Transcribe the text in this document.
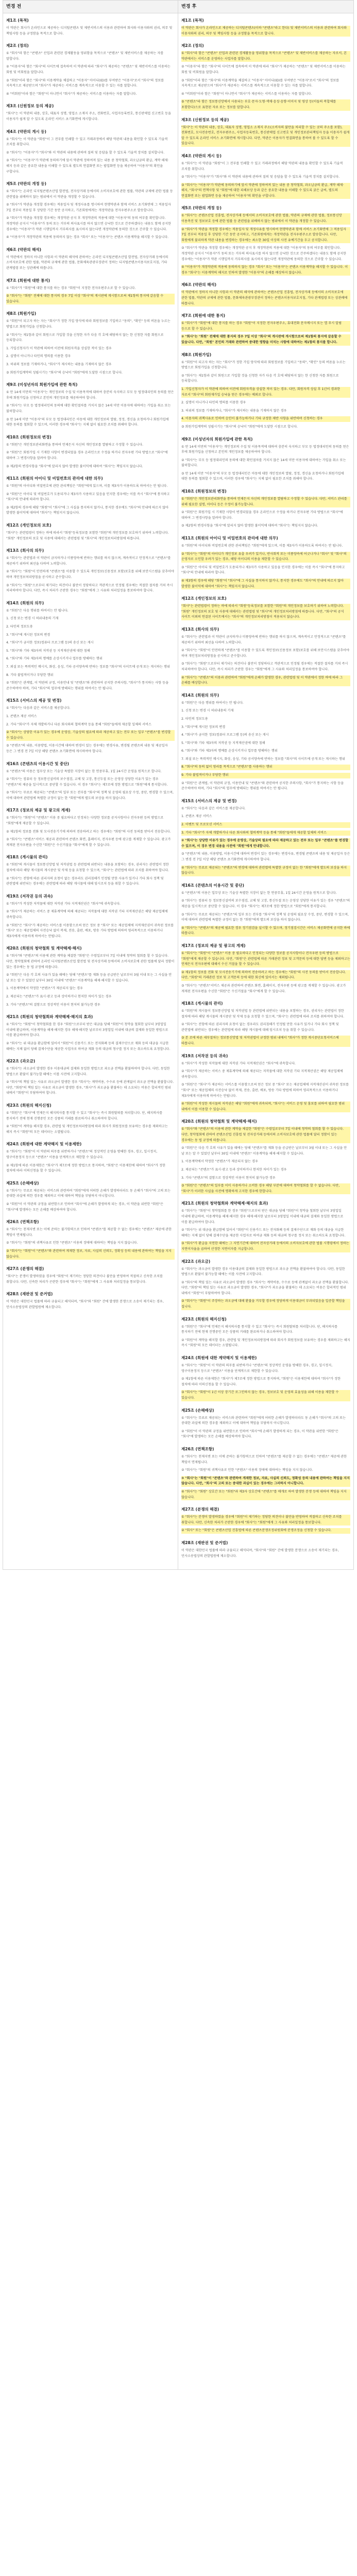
변경 전
제1조 (목적)

이 약관은 회사가 온라인으로 제공하는 디지털콘텐츠 및 제반서비스의 이용과 관련하여 회사와 이용자와의 권리, 의무 및 책임사항 등을 규정함을 목적으로 합니다.

제2조 (정의)

① "회사"라 함은 "콘텐츠" 산업과 관련된 경제활동을 영위함을 목적으로 "콘텐츠" 및 제반서비스를 제공하는 자를 말합니다.

② "이용자"라 함은 "회사"의 사이트에 접속하여 이 약관에 따라 "회사"가 제공하는 "콘텐츠" 및 제반서비스를 이용하는 회원 및 비회원을 말합니다.

③ "회원"이라 함은 "회사"와 이용계약을 체결하고 "이용자" 아이디(ID)를 부여받은 "이용자"로서 "회사"의 정보를 지속적으로 제공받으며 "회사"가 제공하는 서비스를 계속적으로 이용할 수 있는 자를 말합니다.

④ "비회원"이라 함은 "회원"이 아니면서 "회사"가 제공하는 서비스를 이용하는 자를 말합니다.

제3조 (신원정보 등의 제공)

"회사"는 이 약관의 내용, 상호, 대표자 성명, 영업소 소재지 주소, 전화번호, 사업자등록번호, 통신판매업 신고번호 등을 이용자가 쉽게 알 수 있도록 온라인 서비스 초기화면에 게시합니다.

제4조 (약관의 게시 등)

① "회사"는 이 약관을 "회원"이 그 전부를 인쇄할 수 있고 거래과정에서 해당 약관의 내용을 확인할 수 있도록 기술적 조치를 취합니다.

② "회사"는 "이용자"가 "회사"와 이 약관의 내용에 관하여 질의 및 응답을 할 수 있도록 기술적 장치를 설치합니다.

③ "회사"는 "이용자"가 약관에 동의하기에 앞서 약관에 정하여져 있는 내용 중 청약철회, 과오납금의 환급, 계약 해제·해지 등과 같은 중요한 내용을 이해할 수 있도록 별도의 연결화면 또는 팝업화면 등을 제공하여 "이용자"의 확인을 구합니다.

제5조 (약관의 개정 등)

① "회사"는 온라인 디지털콘텐츠산업 발전법, 전자상거래 등에서의 소비자보호에 관한 법률, 약관의 규제에 관한 법률 등 관련법을 위배하지 않는 범위에서 이 약관을 개정할 수 있습니다.

② "회사"가 약관을 개정할 경우에는 적용일자 및 개정사유를 명시하여 현행약관과 함께 서비스 초기화면에 그 적용일자 7일 전부터 적용일 후 상당한 기간 동안 공지하고, 기존회원에게는 개정약관을 전자우편주소로 발송합니다.

③ "회사"가 약관을 개정할 경우에는 개정약관 공지 후 개정약관의 적용에 대한 "이용자"의 동의 여부를 확인합니다. 개정약관 공지시 "이용자"가 동의 또는 거부의 의사표시를 하지 않으면 승낙한 것으로 간주하겠다는 내용도 함께 공지한 경우에는 "이용자"가 약관 시행일까지 거부의사를 표시하지 않는다면 개정약관에 동의한 것으로 간주할 수 있습니다.

④ "이용자"가 개정약관의 적용에 동의하지 않는 경우 "회사" 또는 "이용자"는 콘텐츠 이용계약을 해지할 수 있습니다.

제6조 (약관의 해석)

이 약관에서 정하지 아니한 사항과 이 약관의 해석에 관하여는 온라인 디지털콘텐츠산업 발전법, 전자상거래 등에서의 소비자보호에 관한 법률, 약관의 규제에 관한 법률, 문화체육관광부장관이 정하는 디지털콘텐츠이용자보호지침, 기타 관계법령 또는 상관례에 따릅니다.

제7조 (회원에 대한 통지)

① "회사"가 "회원"에 대한 통지를 하는 경우 "회원"이 지정한 전자우편주소로 할 수 있습니다.

② "회사"는 "회원" 전체에 대한 통지의 경우 7일 이상 "회사"의 게시판에 게시함으로써 제1항의 통지에 갈음할 수 있습니다.

제8조 (회원가입)

① "회원"이 되고자 하는 자는 "회사"가 정한 가입 양식에 따라 회원정보를 기입하고 "동의", "확인" 등의 버튼을 누르는 방법으로 회원가입을 신청합니다.

② "회사"는 제1항과 같이 회원으로 가입할 것을 신청한 자가 다음 각 호에 해당하지 않는 한 신청한 자를 회원으로 등록합니다.

1. 가입신청자가 이 약관에 의하여 이전에 회원자격을 상실한 적이 있는 경우

2. 실명이 아니거나 타인의 명의를 이용한 경우

3. 허위의 정보를 기재하거나, "회사"가 제시하는 내용을 기재하지 않은 경우

③ 회원가입계약의 성립시기는 "회사"의 승낙이 "회원"에게 도달한 시점으로 합니다.

제9조 (미성년자의 회원가입에 관한 특칙)

① 만 14세 미만의 "이용자"는 개인정보의 수집 및 이용목적에 대하여 충분히 숙지하고 부모 등 법정대리인의 동의를 얻은 후에 회원가입을 신청하고 본인의 개인정보를 제공하여야 합니다.

② "회사"는 부모 등 법정대리인의 동의에 대한 확인절차를 거치지 않은 14세 미만 이용자에 대하여는 가입을 취소 또는 불허합니다.

③ 만 14세 미만 "이용자"의 부모 등 법정대리인은 아동에 대한 개인정보의 열람, 정정, 갱신을 요청하거나 회원가입에 대한 동의를 철회할 수 있으며, 이러한 경우에 "회사"는 지체 없이 필요한 조치를 취해야 합니다.

제10조 (회원정보의 변경)

① "회원"은 개인정보관리화면을 통하여 언제든지 자신의 개인정보를 열람하고 수정할 수 있습니다.

② "회원"은 회원가입 시 기재한 사항이 변경되었을 경우 온라인으로 수정을 하거나 전자우편 기타 방법으로 "회사"에 대하여 그 변경사항을 알려야 합니다.

③ 제2항의 변경사항을 "회사"에 알리지 않아 발생한 불이익에 대하여 "회사"는 책임지지 않습니다.

제11조 (회원의 아이디 및 비밀번호의 관리에 대한 의무)

① "회원"의 아이디와 비밀번호에 관한 관리책임은 "회원"에게 있으며, 이를 제3자가 이용하도록 하여서는 안 됩니다.

② "회원"은 아이디 및 비밀번호가 도용되거나 제3자가 사용하고 있음을 인지한 경우에는 이를 즉시 "회사"에 통지하고 "회사"의 안내에 따라야 합니다.

③ 제2항의 경우에 해당 "회원"이 "회사"에 그 사실을 통지하지 않거나, 통지한 경우에도 "회사"의 안내에 따르지 않아 발생한 불이익에 대하여 "회사"는 책임지지 않습니다.

제12조 (개인정보의 보호)

"회사"는 관련법령이 정하는 바에 따라서 "회원"등록정보를 포함한 "회원"의 개인정보를 보호하기 위하여 노력합니다. "회원" 개인정보의 보호 및 사용에 대해서는 관련법령 및 "회사"의 개인정보처리방침에 따릅니다.

제13조 (회사의 의무)

① "회사"는 관련법과 이 약관이 금지하거나 미풍양속에 반하는 행위를 하지 않으며, 계속적이고 안정적으로 "콘텐츠"를 제공하기 위하여 최선을 다하여 노력합니다.

② "회사"는 "회원"이 안전하게 "콘텐츠"를 이용할 수 있도록 개인정보(신용정보 포함)보호를 위해 보안시스템을 갖추어야 하며 개인정보처리방침을 공시하고 준수합니다.

③ "회사"는 "회원"으로부터 제기되는 의견이나 불만이 정당하다고 객관적으로 인정될 경우에는 적절한 절차를 거쳐 즉시 처리하여야 합니다. 다만, 즉시 처리가 곤란한 경우는 "회원"에게 그 사유와 처리일정을 통보하여야 합니다.

제14조 (회원의 의무)

① "회원"은 다음 행위를 하여서는 안 됩니다.

1. 신청 또는 변경 시 허위내용의 기재

2. 타인의 정보도용

3. "회사"에 게시된 정보의 변경

4. "회사"가 금지한 정보(컴퓨터 프로그램 등)의 송신 또는 게시

5. "회사"와 기타 제3자의 저작권 등 지적재산권에 대한 침해

6. "회사"와 기타 제3자의 명예를 손상시키거나 업무를 방해하는 행위

7. 외설 또는 폭력적인 메시지, 화상, 음성, 기타 공서양속에 반하는 정보를 "회사"의 사이트에 공개 또는 게시하는 행위

8. 기타 불법적이거나 부당한 행위

② "회원"은 관계법, 이 약관의 규정, 이용안내 및 "콘텐츠"와 관련하여 공지한 주의사항, "회사"가 통지하는 사항 등을 준수하여야 하며, 기타 "회사"의 업무에 방해되는 행위를 하여서는 안 됩니다.

제15조 (서비스의 제공 및 변경)

① "회사"는 다음과 같은 서비스를 제공합니다.

1. 콘텐츠 제공 서비스

2. 기타 "회사"가 자체 개발하거나 다른 회사와의 협력계약 등을 통해 "회원"들에게 제공할 일체의 서비스

② "회사"는 상당한 이유가 있는 경우에 운영상, 기술상의 필요에 따라 제공하고 있는 전부 또는 일부 "콘텐츠"를 변경할 수 있습니다.

③ "콘텐츠"의 내용, 이용방법, 이용시간에 대하여 변경이 있는 경우에는 변경사유, 변경될 콘텐츠의 내용 및 제공일자 등은 그 변경 전 7일 이상 해당 콘텐츠 초기화면에 게시하여야 합니다.

제16조 (콘텐츠의 이용시간 및 중단)

① "콘텐츠"의 이용은 업무상 또는 기술상 특별한 지장이 없는 한 연중무휴, 1일 24시간 운영을 원칙으로 합니다.

② "회사"는 컴퓨터 등 정보통신설비의 보수점검, 교체 및 고장, 통신두절 또는 운영상 상당한 이유가 있는 경우 "콘텐츠"의 제공을 일시적으로 중단할 수 있습니다. 이 경우 "회사"는 제7조에 정한 방법으로 "회원"에게 통지합니다.

③ "회사"는 무료로 제공되는 "콘텐츠"의 일부 또는 전부를 "회사"의 정책 및 운영의 필요상 수정, 중단, 변경할 수 있으며, 이에 대하여 관련법에 특별한 규정이 없는 한 "회원"에게 별도의 보상을 하지 않습니다.

제17조 (정보의 제공 및 광고의 게재)

① "회사"는 "회원"이 "콘텐츠" 이용 중 필요하다고 인정되는 다양한 정보를 공지사항이나 전자우편 등의 방법으로 "회원"에게 제공할 수 있습니다.

② 제1항의 정보를 전화 및 모사전송기기에 의하여 전송하려고 하는 경우에는 "회원"의 사전 동의를 받아서 전송합니다.

③ "회사"는 "콘텐츠"서비스 제공과 관련하여 콘텐츠 화면, 홈페이지, 전자우편 등에 광고를 게재할 수 있습니다. 광고가 게재된 전자우편을 수신한 "회원"은 수신거절을 "회사"에게 할 수 있습니다.

제18조 (게시물의 관리)

① "회원"의 게시물이 정보통신망법 및 저작권법 등 관련법에 위반되는 내용을 포함하는 경우, 권리자는 관련법이 정한 절차에 따라 해당 게시물의 게시중단 및 삭제 등을 요청할 수 있으며, "회사"는 관련법에 따라 조치를 취하여야 합니다.

② "회사"는 전항에 따른 권리자의 요청이 없는 경우라도 권리침해가 인정될 만한 사유가 있거나 기타 회사 정책 및 관련법에 위반되는 경우에는 관련법에 따라 해당 게시물에 대해 임시조치 등을 취할 수 있습니다.

제19조 (저작권 등의 귀속)

① "회사"가 작성한 저작물에 대한 저작권 기타 지적재산권은 "회사"에 귀속합니다.

② "회사"가 제공하는 서비스 중 제휴계약에 의해 제공되는 저작물에 대한 저작권 기타 지적재산권은 해당 제공업체에 귀속합니다.

③ "회원"은 "회사"가 제공하는 서비스를 이용함으로써 얻은 정보 중 "회사" 또는 제공업체에 지적재산권이 귀속된 정보를 "회사" 또는 제공업체의 사전승낙 없이 복제, 전송, 출판, 배포, 방송 기타 방법에 의하여 영리목적으로 이용하거나 제3자에게 이용하게 하여서는 안됩니다.

제20조 (회원의 청약철회 및 계약해제·해지)

① "회사"와 "콘텐츠"의 이용에 관한 계약을 체결한 "회원"은 수령일로부터 7일 이내에 청약의 철회를 할 수 있습니다. 다만, 청약철회에 관하여 온라인 디지털콘텐츠산업 발전법 및 전자상거래 등에서의 소비자보호에 관한 법률에 달리 정함이 있는 경우에는 동 법 규정에 따릅니다.

② "회원"은 다음 각 호의 사유가 있을 때에는 당해 "콘텐츠"를 재화 등을 공급받은 날로부터 3월 이내 또는 그 사실을 안 날 또는 알 수 있었던 날부터 30일 이내에 "콘텐츠" 이용계약을 해제·해지할 수 있습니다.

1. 이용계약에서 약정한 "콘텐츠"가 제공되지 않는 경우

2. 제공되는 "콘텐츠"가 표시·광고 등과 상이하거나 현저한 차이가 있는 경우

3. 기타 "콘텐츠"의 결함으로 정상적인 이용이 현저히 불가능한 경우

제21조 (회원의 청약철회와 계약해제·해지의 효과)

① "회사"는 "회원"이 청약철회를 한 경우 "회원"으로부터 받은 대금을 당해 "회원"이 청약을 철회한 날부터 3영업일 이내에 환급하며, 이용계약을 해제·해지한 경우 해제·해지한 날로부터 3영업일 이내에 대금의 결제와 동일한 방법으로 이를 환급하여야 합니다.

② "회사"는 위 대금을 환급함에 있어서 "회원"이 신용카드 또는 전자화폐 등의 결제수단으로 재화 등의 대금을 지급한 때에는 지체 없이 당해 결제수단을 제공한 사업자로 하여금 재화 등의 대금의 청구를 정지 또는 취소하도록 요청합니다.

제22조 (과오금)

① "회사"는 과오금이 발생한 경우 이용대금의 결제와 동일한 방법으로 과오금 전액을 환불하여야 합니다. 다만, 동일한 방법으로 환불이 불가능할 때에는 이를 사전에 고지합니다.

② "회사"의 책임 있는 사유로 과오금이 발생한 경우 "회사"는 계약비용, 수수료 등에 관계없이 과오금 전액을 환불합니다. 다만, "회원"의 책임 있는 사유로 과오금이 발생한 경우, "회사"가 과오금을 환불하는 데 소요되는 비용은 합리적인 범위 내에서 "회원"이 부담하여야 합니다.

제23조 (회원의 해지신청)

① "회원"은 "회사"에 언제든지 해지의사를 통지할 수 있고 "회사"는 즉시 회원탈퇴를 처리합니다. 단, 해지의사를 통지하기 전에 현재 진행중인 모든 상품의 거래를 완료하거나 취소하여야 합니다.

② "회원"이 계약을 해지할 경우, 관련법 및 개인정보처리방침에 따라 회사가 회원정보를 보유하는 경우를 제외하고는 해지 즉시 "회원"의 모든 데이터는 소멸됩니다.

제24조 (회원에 대한 계약해지 및 이용제한)

① "회사"는 "회원"이 이 약관의 의무를 위반하거나 "콘텐츠"의 정상적인 운영을 방해한 경우, 경고, 일시정지, 영구이용정지 등으로 "콘텐츠" 이용을 단계적으로 제한할 수 있습니다.

② 제1항에 따른 이용제한은 "회사"가 제7조에 정한 방법으로 통지하며, "회원"은 이용제한에 대하여 "회사"가 정한 절차에 따라 이의신청을 할 수 있습니다.

제25조 (손해배상)

① "회사"는 무료로 제공되는 서비스와 관련하여 "회원"에게 어떠한 손해가 발생하더라도 동 손해가 "회사"의 고의 또는 중대한 과실에 의한 경우를 제외하고 이에 대하여 책임을 부담하지 아니합니다.

② "회원"이 이 약관의 규정을 위반함으로 인하여 "회사"에 손해가 발생하게 되는 경우, 이 약관을 위반한 "회원"은 "회사"에 발생하는 모든 손해를 배상하여야 합니다.

제26조 (면책조항)

① "회사"는 천재지변 또는 이에 준하는 불가항력으로 인하여 "콘텐츠"를 제공할 수 없는 경우에는 "콘텐츠" 제공에 관한 책임이 면제됩니다.

② "회사"는 "회원"의 귀책사유로 인한 "콘텐츠" 이용의 장애에 대하여는 책임을 지지 않습니다.

③ "회사"는 "회원"이 "콘텐츠"와 관련하여 게재한 정보, 자료, 사실의 신뢰도, 정확성 등의 내용에 관하여는 책임을 지지 않습니다.

제27조 (분쟁의 해결)

"회사"는 분쟁이 발생하였을 경우에 "회원"이 제기하는 정당한 의견이나 불만을 반영하여 적절하고 신속한 조치를 취합니다. 다만, 신속한 처리가 곤란한 경우에 "회사"는 "회원"에게 그 사유와 처리일정을 통보합니다.

제28조 (재판권 및 준거법)

이 약관은 대한민국 법률에 따라 규율되고 해석되며, "회사"와 "회원" 간에 발생한 분쟁으로 소송이 제기되는 경우, 민사소송법상의 관할법원에 제소합니다.

변경 후
제1조 (목적)

이 약관은 회사가 온라인으로 제공하는 디지털콘텐츠(이하 "콘텐츠"라고 한다) 및 제반서비스의 이용과 관련하여 회사와 이용자와의 권리, 의무 및 책임사항 등을 규정함을 목적으로 합니다.

제2조 (정의)

① "회사"라 함은 "콘텐츠" 산업과 관련된 경제활동을 영위함을 목적으로 "콘텐츠" 및 제반서비스를 제공하는 자로서, 본 약관에서는 서비스를 운영하는 사업자를 말합니다.

② "이용자"라 함은 "회사"의 사이트에 접속하여 이 약관에 따라 "회사"가 제공하는 "콘텐츠" 및 제반서비스를 이용하는 회원 및 비회원을 말합니다.

③ "회원"이라 함은 "회사"와 이용계약을 체결하고 "이용자" 아이디(ID)를 부여받은 "이용자"로서 "회사"의 정보를 지속적으로 제공받으며 "회사"가 제공하는 서비스를 계속적으로 이용할 수 있는 자를 말합니다.

④ "비회원"이라 함은 "회원"이 아니면서 "회사"가 제공하는 서비스를 이용하는 자를 말합니다.

⑤ "콘텐츠"라 함은 정보통신망에서 사용되는 부호·문자·도형·색채·음성·음향·이미지 및 영상 등(이들의 복합체를 포함한다)으로 표현된 자료 또는 정보를 말합니다.

제3조 (신원정보 등의 제공)

"회사"는 이 약관의 내용, 상호, 대표자 성명, 영업소 소재지 주소(소비자의 불만을 처리할 수 있는 곳의 주소를 포함), 전화번호, 모사전송번호, 전자우편주소, 사업자등록번호, 통신판매업 신고번호 및 개인정보관리책임자 등을 이용자가 쉽게 알 수 있도록 온라인 서비스 초기화면에 게시합니다. 다만, 약관은 이용자가 연결화면을 통하여 볼 수 있도록 할 수 있습니다.

제4조 (약관의 게시 등)

① "회사"는 이 약관을 "회원"이 그 전부를 인쇄할 수 있고 거래과정에서 해당 약관의 내용을 확인할 수 있도록 기술적 조치를 취합니다.

② "회사"는 "이용자"가 "회사"와 이 약관의 내용에 관하여 질의 및 응답을 할 수 있도록 기술적 장치를 설치합니다.

③ "회사"는 "이용자"가 약관에 동의하기에 앞서 약관에 정하여져 있는 내용 중 청약철회, 과오납금의 환급, 계약 해제·해지, "회사"의 면책사항 및 "회원"에 대한 피해보상 등과 같은 중요한 내용을 이해할 수 있도록 굵은 글씨, 별도의 연결화면 또는 팝업화면 등을 제공하여 "이용자"의 확인을 구합니다.

제5조 (약관의 개정 등)

① "회사"는 콘텐츠산업 진흥법, 전자상거래 등에서의 소비자보호에 관한 법률, 약관의 규제에 관한 법률, 정보통신망 이용촉진 및 정보보호 등에 관한 법률 등 관련법을 위배하지 않는 범위에서 이 약관을 개정할 수 있습니다.

② "회사"가 약관을 개정할 경우에는 적용일자 및 개정사유를 명시하여 현행약관과 함께 서비스 초기화면에 그 적용일자 7일 전부터 적용일 후 상당한 기간 동안 공지하고, 기존회원에게는 개정약관을 전자우편주소로 발송합니다. 다만, 회원에게 불리하게 약관 내용을 변경하는 경우에는 최소한 30일 이상의 사전 유예기간을 두고 공지합니다.

③ "회사"가 약관을 개정할 경우에는 개정약관 공지 후 개정약관의 적용에 대한 "이용자"의 동의 여부를 확인합니다. 개정약관 공지시 "이용자"가 동의 또는 거부의 의사표시를 하지 않으면 승낙한 것으로 간주하겠다는 내용도 함께 공지한 경우에는 "이용자"가 약관 시행일까지 거부의사를 표시하지 않는다면 개정약관에 동의한 것으로 간주할 수 있습니다.

④ "이용자"가 개정약관의 적용에 동의하지 않는 경우 "회사" 또는 "이용자"는 콘텐츠 이용계약을 해지할 수 있습니다. 이 경우 "회사"는 이용계약의 해지로 인하여 발생한 "이용자"의 손해를 배상하지 않습니다.

제6조 (약관의 해석)

이 약관에서 정하지 아니한 사항과 이 약관의 해석에 관하여는 콘텐츠산업 진흥법, 전자상거래 등에서의 소비자보호에 관한 법률, 약관의 규제에 관한 법률, 문화체육관광부장관이 정하는 콘텐츠이용자보호지침, 기타 관계법령 또는 상관례에 따릅니다.

제7조 (회원에 대한 통지)

① "회사"가 "회원"에 대한 통지를 하는 경우 "회원"이 지정한 전자우편주소, 휴대전화 문자메시지 또는 앱 푸시 알림 등으로 할 수 있습니다.

② "회사"는 "회원" 전체에 대한 통지의 경우 7일 이상 "회사"의 게시판에 게시함으로써 제1항의 통지에 갈음할 수 있습니다. 다만, "회원" 본인의 거래와 관련하여 중대한 영향을 미치는 사항에 대하여는 제1항의 통지를 합니다.

제8조 (회원가입)

① "회원"이 되고자 하는 자는 "회사"가 정한 가입 양식에 따라 회원정보를 기입하고 "동의", "확인" 등의 버튼을 누르는 방법으로 회원가입을 신청합니다.

② "회사"는 제1항과 같이 회원으로 가입할 것을 신청한 자가 다음 각 호에 해당하지 않는 한 신청한 자를 회원으로 등록합니다.

1. 가입신청자가 이 약관에 의하여 이전에 회원자격을 상실한 적이 있는 경우. 다만, 회원자격 상실 후 1년이 경과한 자로서 "회사"의 회원재가입 승낙을 얻은 경우에는 예외로 합니다.

2. 실명이 아니거나 타인의 명의를 이용한 경우

3. 허위의 정보를 기재하거나, "회사"가 제시하는 내용을 기재하지 않은 경우

4. 이용자의 귀책사유로 인하여 승인이 불가능하거나 기타 규정한 제반 사항을 위반하며 신청하는 경우

③ 회원가입계약의 성립시기는 "회사"의 승낙이 "회원"에게 도달한 시점으로 합니다.

제9조 (미성년자의 회원가입에 관한 특칙)

① 만 14세 미만의 "이용자"는 개인정보의 수집 및 이용목적에 대하여 충분히 숙지하고 부모 등 법정대리인의 동의를 얻은 후에 회원가입을 신청하고 본인의 개인정보를 제공하여야 합니다.

② "회사"는 부모 등 법정대리인의 동의에 대한 확인절차를 거치지 않은 14세 미만 이용자에 대하여는 가입을 취소 또는 불허합니다.

③ 만 14세 미만 "이용자"의 부모 등 법정대리인은 아동에 대한 개인정보의 열람, 정정, 갱신을 요청하거나 회원가입에 대한 동의를 철회할 수 있으며, 이러한 경우에 "회사"는 지체 없이 필요한 조치를 취해야 합니다.

제10조 (회원정보의 변경)

① "회원"은 개인정보관리화면을 통하여 언제든지 자신의 개인정보를 열람하고 수정할 수 있습니다. 다만, 서비스 관리를 위해 필요한 실명, 아이디 등은 수정이 불가능합니다.

② "회원"은 회원가입 시 기재한 사항이 변경되었을 경우 온라인으로 수정을 하거나 전자우편 기타 방법으로 "회사"에 대하여 그 변경사항을 알려야 합니다.

③ 제2항의 변경사항을 "회사"에 알리지 않아 발생한 불이익에 대하여 "회사"는 책임지지 않습니다.

제11조 (회원의 아이디 및 비밀번호의 관리에 대한 의무)

① "회원"의 아이디와 비밀번호에 관한 관리책임은 "회원"에게 있으며, 이를 제3자가 이용하도록 하여서는 안 됩니다.

② "회사"는 "회원"의 아이디가 개인정보 유출 우려가 있거나, 반사회적 또는 미풍양속에 어긋나거나 "회사" 및 "회사"의 운영자로 오인할 우려가 있는 경우, 해당 아이디의 이용을 제한할 수 있습니다.

③ "회원"은 아이디 및 비밀번호가 도용되거나 제3자가 사용하고 있음을 인지한 경우에는 이를 즉시 "회사"에 통지하고 "회사"의 안내에 따라야 합니다.

④ 제3항의 경우에 해당 "회원"이 "회사"에 그 사실을 통지하지 않거나, 통지한 경우에도 "회사"의 안내에 따르지 않아 발생한 불이익에 대하여 "회사"는 책임지지 않습니다.

제12조 (개인정보의 보호)

"회사"는 관련법령이 정하는 바에 따라서 "회원"등록정보를 포함한 "회원"의 개인정보를 보호하기 위하여 노력합니다. "회원" 개인정보의 보호 및 사용에 대해서는 관련법령 및 "회사"의 개인정보처리방침에 따릅니다. 다만, "회사"의 공식 사이트 이외의 연결된 사이트에서는 "회사"의 개인정보처리방침이 적용되지 않습니다.

제13조 (회사의 의무)

① "회사"는 관련법과 이 약관이 금지하거나 미풍양속에 반하는 행위를 하지 않으며, 계속적이고 안정적으로 "콘텐츠"를 제공하기 위하여 최선을 다하여 노력합니다.

② "회사"는 "회원"이 안전하게 "콘텐츠"를 이용할 수 있도록 개인정보(신용정보 포함)보호를 위해 보안시스템을 갖추어야 하며 개인정보처리방침을 공시하고 준수합니다.

③ "회사"는 "회원"으로부터 제기되는 의견이나 불만이 정당하다고 객관적으로 인정될 경우에는 적절한 절차를 거쳐 즉시 처리하여야 합니다. 다만, 즉시 처리가 곤란한 경우는 "회원"에게 그 사유와 처리일정을 통보하여야 합니다.

④ "회사"는 "콘텐츠"의 이용과 관련하여 "회원"에게 손해가 발생한 경우, 관련법령 및 이 약관에서 정한 바에 따라 그 손해를 배상합니다.

제14조 (회원의 의무)

① "회원"은 다음 행위를 하여서는 안 됩니다.

1. 신청 또는 변경 시 허위내용의 기재

2. 타인의 정보도용

3. "회사"에 게시된 정보의 변경

4. "회사"가 금지한 정보(컴퓨터 프로그램 등)의 송신 또는 게시

5. "회사"와 기타 제3자의 저작권 등 지적재산권에 대한 침해

6. "회사"와 기타 제3자의 명예를 손상시키거나 업무를 방해하는 행위

7. 외설 또는 폭력적인 메시지, 화상, 음성, 기타 공서양속에 반하는 정보를 "회사"의 사이트에 공개 또는 게시하는 행위

8. "회사"의 동의 없이 영리를 목적으로 "콘텐츠"를 사용하는 행위

9. 기타 불법적이거나 부당한 행위

② "회원"은 관계법, 이 약관의 규정, 이용안내 및 "콘텐츠"와 관련하여 공지한 주의사항, "회사"가 통지하는 사항 등을 준수하여야 하며, 기타 "회사"의 업무에 방해되는 행위를 하여서는 안 됩니다.

제15조 (서비스의 제공 및 변경)

① "회사"는 다음과 같은 서비스를 제공합니다.

1. 콘텐츠 제공 서비스

2. 이벤트 및 프로모션 서비스

3. 기타 "회사"가 자체 개발하거나 다른 회사와의 협력계약 등을 통해 "회원"들에게 제공할 일체의 서비스

② "회사"는 상당한 이유가 있는 경우에 운영상, 기술상의 필요에 따라 제공하고 있는 전부 또는 일부 "콘텐츠"를 변경할 수 있으며, 이 경우 변경 내용을 사전에 "회원"에게 안내합니다.

③ "콘텐츠"의 내용, 이용방법, 이용시간에 대하여 변경이 있는 경우에는 변경사유, 변경될 콘텐츠의 내용 및 제공일자 등은 그 변경 전 7일 이상 해당 콘텐츠 초기화면에 게시하여야 합니다.

④ "회사"는 무료로 제공되는 "콘텐츠"의 변경에 대하여 관련법에 특별한 규정이 없는 한 "회원"에게 별도의 보상을 하지 않습니다.

제16조 (콘텐츠의 이용시간 및 중단)

① "콘텐츠"의 이용은 업무상 또는 기술상 특별한 지장이 없는 한 연중무휴, 1일 24시간 운영을 원칙으로 합니다.

② "회사"는 컴퓨터 등 정보통신설비의 보수점검, 교체 및 고장, 통신두절 또는 운영상 상당한 이유가 있는 경우 "콘텐츠"의 제공을 일시적으로 중단할 수 있습니다. 이 경우 "회사"는 제7조에 정한 방법으로 "회원"에게 통지합니다.

③ "회사"는 무료로 제공되는 "콘텐츠"의 일부 또는 전부를 "회사"의 정책 및 운영의 필요상 수정, 중단, 변경할 수 있으며, 이에 대하여 관련법에 특별한 규정이 없는 한 "회원"에게 별도의 보상을 하지 않습니다.

④ "회사"는 "콘텐츠"의 제공에 필요한 경우 정기점검을 실시할 수 있으며, 정기점검시간은 서비스 제공화면에 공지한 바에 따릅니다.

제17조 (정보의 제공 및 광고의 게재)

① "회사"는 "회원"이 "콘텐츠" 이용 중 필요하다고 인정되는 다양한 정보를 공지사항이나 전자우편 등의 방법으로 "회원"에게 제공할 수 있습니다. 다만, "회원"은 관련법에 따른 거래관련 정보 및 고객문의 등에 대한 답변 등을 제외하고는 언제든지 전자우편에 대해서 수신 거절을 할 수 있습니다.

② 제1항의 정보를 전화 및 모사전송기기에 의하여 전송하려고 하는 경우에는 "회원"의 사전 동의를 받아서 전송합니다. 다만, "회원"의 거래관련 정보 및 고객문의 등에 대한 회신에 있어서는 제외됩니다.

③ "회사"는 "콘텐츠"서비스 제공과 관련하여 콘텐츠 화면, 홈페이지, 전자우편 등에 광고를 게재할 수 있습니다. 광고가 게재된 전자우편을 수신한 "회원"은 수신거절을 "회사"에게 할 수 있습니다.

제18조 (게시물의 관리)

① "회원"의 게시물이 정보통신망법 및 저작권법 등 관련법에 위반되는 내용을 포함하는 경우, 권리자는 관련법이 정한 절차에 따라 해당 게시물의 게시중단 및 삭제 등을 요청할 수 있으며, "회사"는 관련법에 따라 조치를 취하여야 합니다.

② "회사"는 전항에 따른 권리자의 요청이 없는 경우라도 권리침해가 인정될 만한 사유가 있거나 기타 회사 정책 및 관련법에 위반되는 경우에는 관련법에 따라 해당 게시물에 대해 임시조치 등을 취할 수 있습니다.

③ 본 조에 따른 세부절차는 정보통신망법 및 저작권법이 규정한 범위 내에서 "회사"가 정한 게시중단요청서비스에 따릅니다.

제19조 (저작권 등의 귀속)

① "회사"가 작성한 저작물에 대한 저작권 기타 지적재산권은 "회사"에 귀속합니다.

② "회사"가 제공하는 서비스 중 제휴계약에 의해 제공되는 저작물에 대한 저작권 기타 지적재산권은 해당 제공업체에 귀속합니다.

③ "회원"은 "회사"가 제공하는 서비스를 이용함으로써 얻은 정보 중 "회사" 또는 제공업체에 지적재산권이 귀속된 정보를 "회사" 또는 제공업체의 사전승낙 없이 복제, 전송, 출판, 배포, 방송 기타 방법에 의하여 영리목적으로 이용하거나 제3자에게 이용하게 하여서는 안됩니다.

④ "회원"이 작성한 게시물의 저작권은 해당 "회원"에게 귀속되며, "회사"는 서비스 운영 및 홍보를 위하여 필요한 범위 내에서 이를 이용할 수 있습니다.

제20조 (회원의 청약철회 및 계약해제·해지)

① "회사"와 "콘텐츠"의 이용에 관한 계약을 체결한 "회원"은 수령일로부터 7일 이내에 청약의 철회를 할 수 있습니다. 다만, 청약철회에 관하여 콘텐츠산업 진흥법 및 전자상거래 등에서의 소비자보호에 관한 법률에 달리 정함이 있는 경우에는 동 법 규정에 따릅니다.

② "회원"은 다음 각 호의 사유가 있을 때에는 당해 "콘텐츠"를 재화 등을 공급받은 날로부터 3월 이내 또는 그 사실을 안 날 또는 알 수 있었던 날부터 30일 이내에 "콘텐츠" 이용계약을 해제·해지할 수 있습니다.

1. 이용계약에서 약정한 "콘텐츠"가 제공되지 않는 경우

2. 제공되는 "콘텐츠"가 표시·광고 등과 상이하거나 현저한 차이가 있는 경우

3. 기타 "콘텐츠"의 결함으로 정상적인 이용이 현저히 불가능한 경우

③ "회원"은 "콘텐츠"의 일부를 이미 사용하거나 소비한 경우 해당 부분에 대하여 청약철회를 할 수 없습니다. 다만, "회사"가 이러한 사실을 사전에 명확하게 고지한 경우에 한합니다.

제21조 (회원의 청약철회와 계약해제·해지의 효과)

① "회사"는 "회원"이 청약철회를 한 경우 "회원"으로부터 받은 대금을 당해 "회원"이 청약을 철회한 날부터 3영업일 이내에 환급하며, 이용계약을 해제·해지한 경우 해제·해지한 날로부터 3영업일 이내에 대금의 결제와 동일한 방법으로 이를 환급하여야 합니다.

② "회사"는 위 대금을 환급함에 있어서 "회원"이 신용카드 또는 전자화폐 등의 결제수단으로 재화 등의 대금을 지급한 때에는 지체 없이 당해 결제수단을 제공한 사업자로 하여금 재화 등의 대금의 청구를 정지 또는 취소하도록 요청합니다.

③ "회사"가 환급을 지연한 때에는 그 지연기간에 대하여 전자상거래 등에서의 소비자보호에 관한 법률 시행령에서 정하는 지연이자율을 곱하여 산정한 지연이자를 지급합니다.

제22조 (과오금)

① "회사"는 과오금이 발생한 경우 이용대금의 결제와 동일한 방법으로 과오금 전액을 환불하여야 합니다. 다만, 동일한 방법으로 환불이 불가능할 때에는 이를 사전에 고지합니다.

② "회사"의 책임 있는 사유로 과오금이 발생한 경우 "회사"는 계약비용, 수수료 등에 관계없이 과오금 전액을 환불합니다. 다만, "회원"의 책임 있는 사유로 과오금이 발생한 경우, "회사"가 과오금을 환불하는 데 소요되는 비용은 합리적인 범위 내에서 "회원"이 부담하여야 합니다.

③ "회사"는 "회원"이 주장하는 과오금에 대해 환불을 거부할 경우에 정당하게 이용대금이 부과되었음을 입증할 책임을 집니다.

제23조 (회원의 해지신청)

① "회원"은 "회사"에 언제든지 해지의사를 통지할 수 있고 "회사"는 즉시 회원탈퇴를 처리합니다. 단, 해지의사를 통지하기 전에 현재 진행중인 모든 상품의 거래를 완료하거나 취소하여야 합니다.

② "회원"이 계약을 해지할 경우, 관련법 및 개인정보처리방침에 따라 회사가 회원정보를 보유하는 경우를 제외하고는 해지 즉시 "회원"의 모든 데이터는 소멸됩니다.

제24조 (회원에 대한 계약해지 및 이용제한)

① "회사"는 "회원"이 이 약관의 의무를 위반하거나 "콘텐츠"의 정상적인 운영을 방해한 경우, 경고, 일시정지, 영구이용정지 등으로 "콘텐츠" 이용을 단계적으로 제한할 수 있습니다.

② 제1항에 따른 이용제한은 "회사"가 제7조에 정한 방법으로 통지하며, "회원"은 이용제한에 대하여 "회사"가 정한 절차에 따라 이의신청을 할 수 있습니다.

③ "회사"는 "회원"이 1년 이상 장기간 로그인하지 않는 경우, 정보보호 및 운영의 효율성을 위해 이용을 제한할 수 있습니다.

제25조 (손해배상)

① "회사"는 무료로 제공되는 서비스와 관련하여 "회원"에게 어떠한 손해가 발생하더라도 동 손해가 "회사"의 고의 또는 중대한 과실에 의한 경우를 제외하고 이에 대하여 책임을 부담하지 아니합니다.

② "회원"이 이 약관의 규정을 위반함으로 인하여 "회사"에 손해가 발생하게 되는 경우, 이 약관을 위반한 "회원"은 "회사"에 발생하는 모든 손해를 배상하여야 합니다.

제26조 (면책조항)

① "회사"는 천재지변 또는 이에 준하는 불가항력으로 인하여 "콘텐츠"를 제공할 수 없는 경우에는 "콘텐츠" 제공에 관한 책임이 면제됩니다.

② "회사"는 "회원"의 귀책사유로 인한 "콘텐츠" 이용의 장애에 대하여는 책임을 지지 않습니다.

③ "회사"는 "회원"이 "콘텐츠"와 관련하여 게재한 정보, 자료, 사실의 신뢰도, 정확성 등의 내용에 관하여는 책임을 지지 않습니다. 다만, "회사"의 고의 또는 중대한 과실이 있는 경우에는 그러하지 아니합니다.

④ "회사"는 "회원" 상호간 또는 "회원"과 제3자 상호간에 "콘텐츠"를 매개로 하여 발생한 분쟁 등에 대하여 책임을 지지 않습니다.

제27조 (분쟁의 해결)

① "회사"는 분쟁이 발생하였을 경우에 "회원"이 제기하는 정당한 의견이나 불만을 반영하여 적절하고 신속한 조치를 취합니다. 다만, 신속한 처리가 곤란한 경우에 "회사"는 "회원"에게 그 사유와 처리일정을 통보합니다.

② "회사" 또는 "회원"은 콘텐츠산업 진흥법에 따른 콘텐츠분쟁조정위원회에 분쟁조정을 신청할 수 있습니다.

제28조 (재판권 및 준거법)

이 약관은 대한민국 법률에 따라 규율되고 해석되며, "회사"와 "회원" 간에 발생한 분쟁으로 소송이 제기되는 경우, 민사소송법상의 관할법원에 제소합니다.
